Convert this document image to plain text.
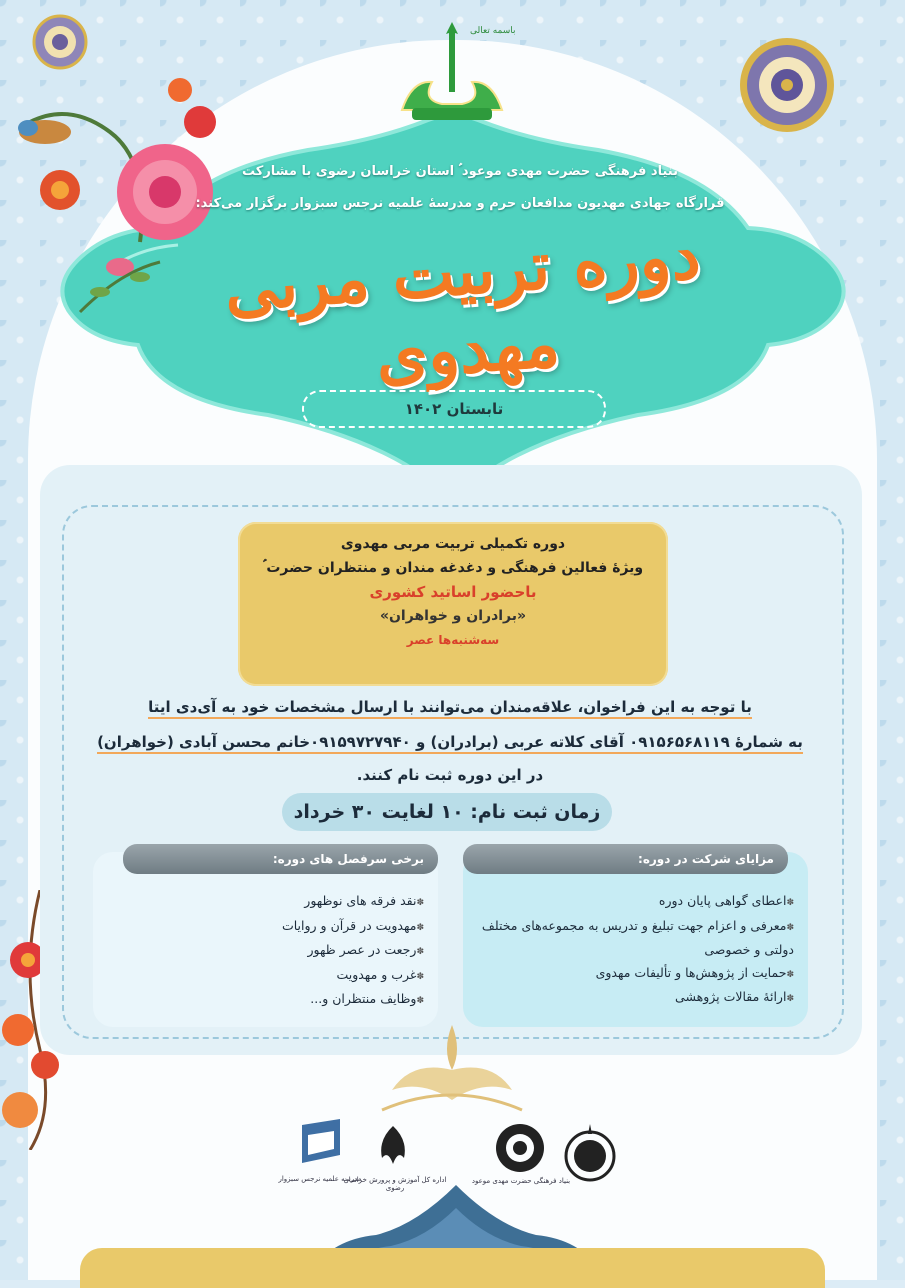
باسمه تعالی
بنیاد فرهنگی حضرت مهدی موعود ؑ استان خراسان رضوی با مشارکت
قرارگاه جهادی مهدیون مدافعان حرم و مدرسهٔ علمیه نرجس سبزوار برگزار می‌کند:
دوره تربیت مربی مهدوی
تابستان ۱۴۰۲
دوره تکمیلی تربیت مربی مهدوی
ویژهٔ فعالین فرهنگی و دغدغه مندان و منتظران حضرت ؑ
باحضور اساتید کشوری
«برادران و خواهران»
سه‌شنبه‌ها عصر
با توجه به این فراخوان، علاقه‌مندان می‌توانند با ارسال مشخصات خود به آی‌دی ایتا
به شمارهٔ ۰۹۱۵۶۵۶۸۱۱۹ آقای کلاته عربی (برادران) و ۰۹۱۵۹۷۲۷۹۴۰خانم محسن آبادی (خواهران)
در این دوره ثبت نام کنند.
زمان ثبت نام: ۱۰ لغایت ۳۰ خرداد
برخی سرفصل های دوره:
✽ نقد فرقه های نوظهور
✽ مهدویت در قرآن و روایات
✽ رجعت در عصر ظهور
✽ غرب و مهدویت
✽ وظایف منتظران و...
مزایای شرکت در دوره:
✽ اعطای گواهی پایان دوره
✽ معرفی و اعزام جهت تبلیغ و تدریس به مجموعه‌های مختلف دولتی و خصوصی
✽ حمایت از پژوهش‌ها و تألیفات مهدوی
✽ ارائهٔ مقالات پژوهشی
مدرسه علمیه نرجس سبزوار
اداره کل آموزش و پرورش خراسان رضوی
بنیاد فرهنگی حضرت مهدی موعود
